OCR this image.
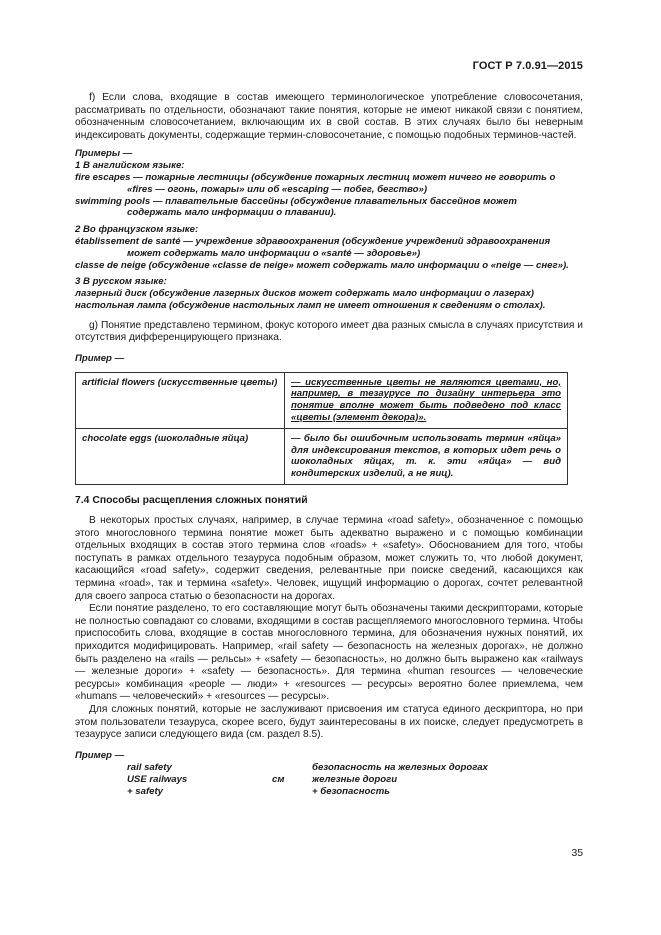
ГОСТ Р 7.0.91—2015

f) Если слова, входящие в состав имеющего терминологическое употребление словосочетания, рассматривать по отдельности, обозначают такие понятия, которые не имеют никакой связи с понятием, обозначенным словосочетанием, включающим их в свой состав. В этих случаях было бы неверным индексировать документы, содержащие термин-словосочетание, с помощью подобных терминов-частей.

Примеры —
1 В английском языке:
fire escapes — пожарные лестницы (обсуждение пожарных лестниц может ничего не говорить о
«fires — огонь, пожары» или об «escaping — побег, бегство»)
swimming pools — плавательные бассейны (обсуждение плавательных бассейнов может
содержать мало информации о плавании).
2 Во французском языке:
établissement de santé — учреждение здравоохранения (обсуждение учреждений здравоохранения
может содержать мало информации о «santé — здоровье»)
classe de neige (обсуждение «classe de neige» может содержать мало информации о «neige — снег»).
3 В русском языке:
лазерный диск (обсуждение лазерных дисков может содержать мало информации о лазерах)
настольная лампа (обсуждение настольных ламп не имеет отношения к сведениям о столах).

g) Понятие представлено термином, фокус которого имеет два разных смысла в случаях присутствия и отсутствия дифференцирующего признака.

Пример —
artificial flowers (искусственные цветы)	— искусственные цветы не являются цветами, но, например, в тезаурусе по дизайну интерьера это понятие вполне может быть подведено под класс «цветы (элемент декора)».
chocolate eggs (шоколадные яйца)	— было бы ошибочным использовать термин «яйца» для индексирования текстов, в которых идет речь о шоколадных яйцах, т. к. эти «яйца» — вид кондитерских изделий, а не яиц).
7.4 Способы расщепления сложных понятий

В некоторых простых случаях, например, в случае термина «road safety», обозначенное с помощью этого многословного термина понятие может быть адекватно выражено и с помощью комбинации отдельных входящих в состав этого термина слов «roads» + «safety». Обоснованием для того, чтобы поступать в рамках отдельного тезауруса подобным образом, может служить то, что любой документ, касающийся «road safety», содержит сведения, релевантные при поиске сведений, касающихся как термина «road», так и термина «safety». Человек, ищущий информацию о дорогах, сочтет релевантной для своего запроса статью о безопасности на дорогах.

Если понятие разделено, то его составляющие могут быть обозначены такими дескрипторами, которые не полностью совпадают со словами, входящими в состав расщепляемого многословного термина. Чтобы приспособить слова, входящие в состав многословного термина, для обозначения нужных понятий, их приходится модифицировать. Например, «rail safety — безопасность на железных дорогах», не должно быть разделено на «rails — рельсы» + «safety — безопасность», но должно быть выражено как «railways — железные дороги» + «safety — безопасность». Для термина «human resources — человеческие ресурсы» комбинация «people — люди» + «resources — ресурсы» вероятно более приемлема, чем «humans — человеческий» + «resources — ресурсы».

Для сложных понятий, которые не заслуживают присвоения им статуса единого дескриптора, но при этом пользователи тезауруса, скорее всего, будут заинтересованы в их поиске, следует предусмотреть в тезаурусе записи следующего вида (см. раздел 8.5).

Пример —
rail safety	безопасность на железных дорогах
USE railways	см	железные дороги
+ safety	+ безопасность
35
